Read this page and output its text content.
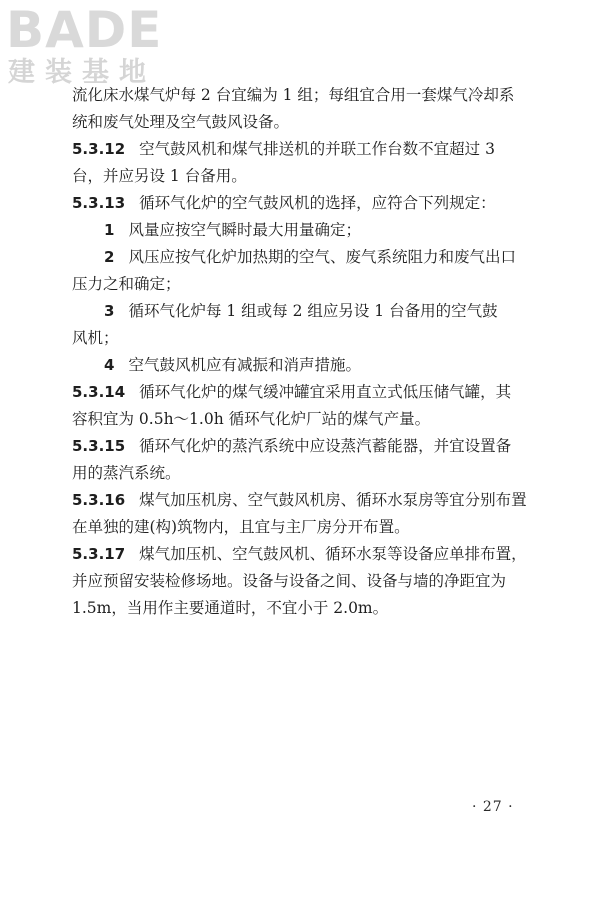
BADE
建装基地
流化床水煤气炉每 2 台宜编为 1 组；每组宜合用一套煤气冷却系
统和废气处理及空气鼓风设备。
5.3.12 空气鼓风机和煤气排送机的并联工作台数不宜超过 3
台，并应另设 1 台备用。
5.3.13 循环气化炉的空气鼓风机的选择，应符合下列规定：
1 风量应按空气瞬时最大用量确定；
2 风压应按气化炉加热期的空气、废气系统阻力和废气出口
压力之和确定；
3 循环气化炉每 1 组或每 2 组应另设 1 台备用的空气鼓
风机；
4 空气鼓风机应有减振和消声措施。
5.3.14 循环气化炉的煤气缓冲罐宜采用直立式低压储气罐，其
容积宜为 0.5h～1.0h 循环气化炉厂站的煤气产量。
5.3.15 循环气化炉的蒸汽系统中应设蒸汽蓄能器，并宜设置备
用的蒸汽系统。
5.3.16 煤气加压机房、空气鼓风机房、循环水泵房等宜分别布置
在单独的建(构)筑物内，且宜与主厂房分开布置。
5.3.17 煤气加压机、空气鼓风机、循环水泵等设备应单排布置，
并应预留安装检修场地。设备与设备之间、设备与墙的净距宜为
1.5m，当用作主要通道时，不宜小于 2.0m。
· 27 ·
